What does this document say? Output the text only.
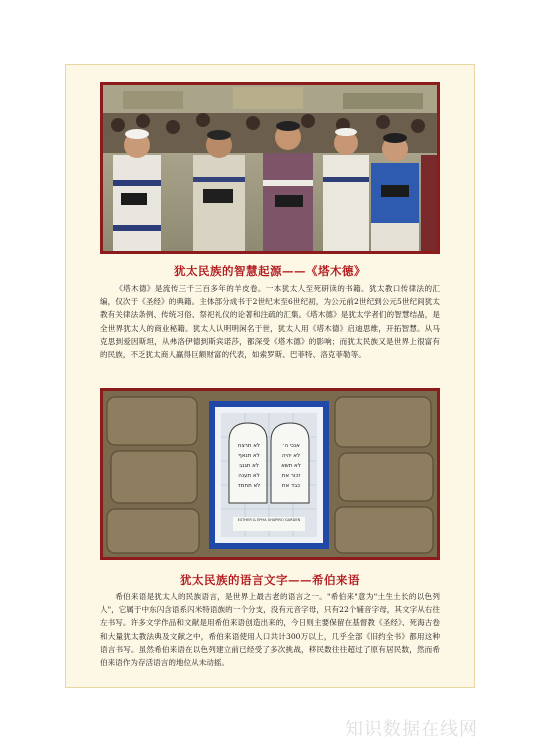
犹太民族的智慧起源——《塔木德》
《塔木德》是流传三千三百多年的羊皮卷。一本犹太人至死研读的书籍。犹太教口传律法的汇编，仅次于《圣经》的典籍。主体部分成书于2世纪末至6世纪初，为公元前2世纪到公元5世纪间犹太教有关律法条例、传统习俗、祭祀礼仪的论著和注疏的汇集。《塔木德》是犹太学者们的智慧结晶，是全世界犹太人的商业秘籍。犹太人认明明闲名于世，犹太人用《塔木德》启迪思维，开拓智慧。从马克思到爱因斯坦，从弗洛伊德到斯宾诺莎，都深受《塔木德》的影响；而犹太民族又是世界上很富有的民族，不乏犹太商人赢得巨额财富的代表，如索罗斯、巴菲特、洛克菲勒等。
לא תרצח
לא תנאף
לא תגנב
לא תענה
לא תחמד
אנכי ה׳
לא יהיה
לא תשא
זכור את
כבד את
ESTHER & EPHA SHAPIRO GARDEN
犹太民族的语言文字——希伯来语
希伯来语是犹太人的民族语言，是世界上最古老的语言之一。"希伯来"意为"土生土长的以色列人"，它属于中东闪含语系闪米特语族的一个分支，没有元音字母，只有22个辅音字母，其文字从右往左书写。许多文学作品和文献是用希伯来语创造出来的，今日则主要保留在基督教《圣经》、死海古卷和大量犹太教法典及文献之中，希伯来语使用人口共计300万以上，几乎全部《旧约全书》都用这种语言书写。虽然希伯来语在以色列建立前已经受了多次挑战，移民数往往超过了原有居民数，然而希伯来语作为存活语言的地位从未动摇。
知识数据在线网
